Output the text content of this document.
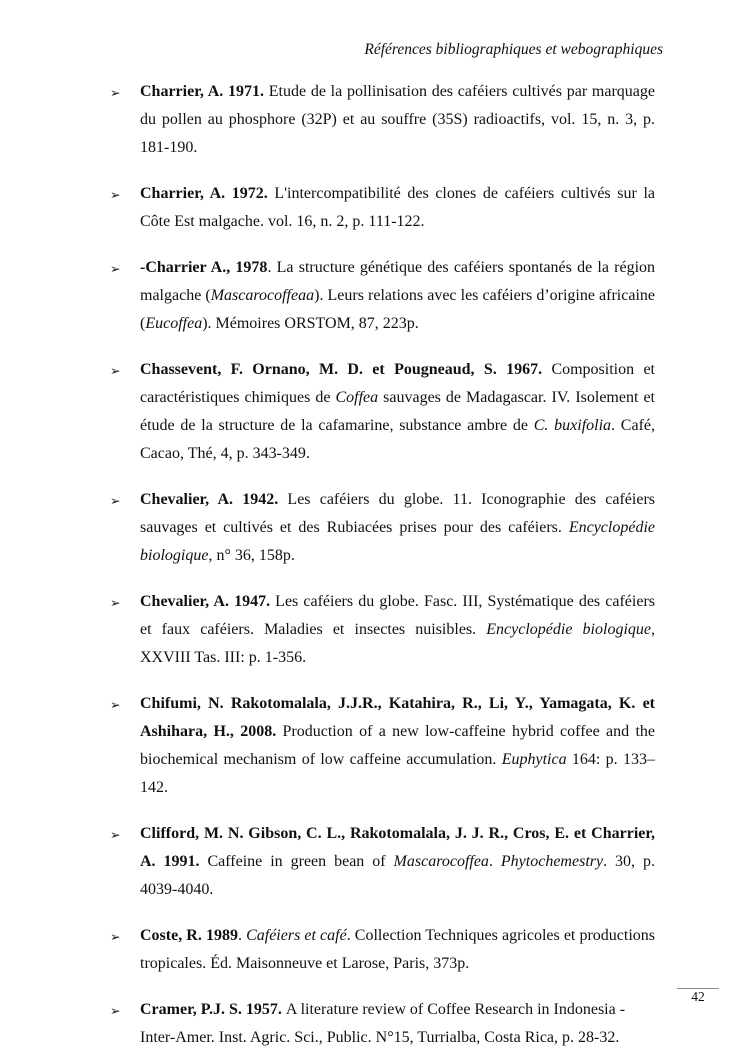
Références bibliographiques et webographiques
➢ Charrier, A. 1971. Etude de la pollinisation des caféiers cultivés par marquage du pollen au phosphore (32P) et au souffre (35S) radioactifs, vol. 15, n. 3, p. 181-190.
➢ Charrier, A. 1972. L'intercompatibilité des clones de caféiers cultivés sur la Côte Est malgache. vol. 16, n. 2, p. 111-122.
➢ -Charrier A., 1978. La structure génétique des caféiers spontanés de la région malgache (Mascarocoffeaa). Leurs relations avec les caféiers d’origine africaine (Eucoffea). Mémoires ORSTOM, 87, 223p.
➢ Chassevent, F. Ornano, M. D. et Pougneaud, S. 1967. Composition et caractéristiques chimiques de Coffea sauvages de Madagascar. IV. Isolement et étude de la structure de la cafamarine, substance ambre de C. buxifolia. Café, Cacao, Thé, 4, p. 343-349.
➢ Chevalier, A. 1942. Les caféiers du globe. 11. Iconographie des caféiers sauvages et cultivés et des Rubiacées prises pour des caféiers. Encyclopédie biologique, n° 36, 158p.
➢ Chevalier, A. 1947. Les caféiers du globe. Fasc. III, Systématique des caféiers et faux caféiers. Maladies et insectes nuisibles. Encyclopédie biologique, XXVIII Tas. III: p. 1-356.
➢ Chifumi, N. Rakotomalala, J.J.R., Katahira, R., Li, Y., Yamagata, K. et Ashihara, H., 2008. Production of a new low-caffeine hybrid coffee and the biochemical mechanism of low caffeine accumulation. Euphytica 164: p. 133–142.
➢ Clifford, M. N. Gibson, C. L., Rakotomalala, J. J. R., Cros, E. et Charrier, A. 1991. Caffeine in green bean of Mascarocoffea. Phytochemestry. 30, p. 4039-4040.
➢ Coste, R. 1989. Caféiers et café. Collection Techniques agricoles et productions tropicales. Éd. Maisonneuve et Larose, Paris, 373p.
➢ Cramer, P.J. S. 1957. A literature review of Coffee Research in Indonesia - Inter-Amer. Inst. Agric. Sci., Public. N°15, Turrialba, Costa Rica, p. 28-32.
42
